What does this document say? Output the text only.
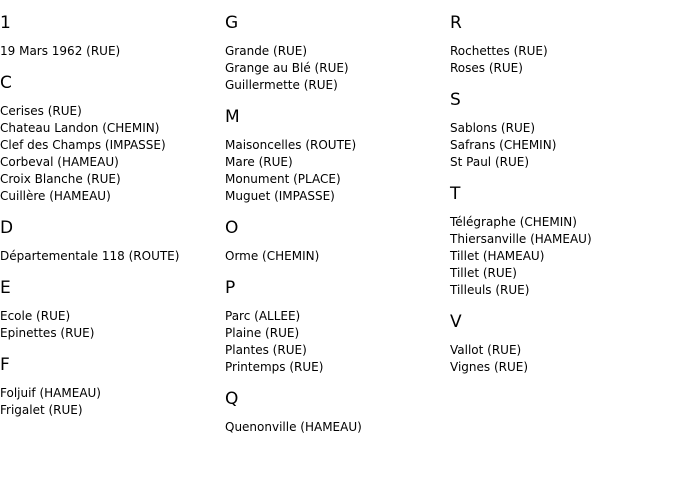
1
19 Mars 1962 (RUE)
C
Cerises (RUE)
Chateau Landon (CHEMIN)
Clef des Champs (IMPASSE)
Corbeval (HAMEAU)
Croix Blanche (RUE)
Cuillère (HAMEAU)
D
Départementale 118 (ROUTE)
E
Ecole (RUE)
Epinettes (RUE)
F
Foljuif (HAMEAU)
Frigalet (RUE)
G
Grande (RUE)
Grange au Blé (RUE)
Guillermette (RUE)
M
Maisoncelles (ROUTE)
Mare (RUE)
Monument (PLACE)
Muguet (IMPASSE)
O
Orme (CHEMIN)
P
Parc (ALLEE)
Plaine (RUE)
Plantes (RUE)
Printemps (RUE)
Q
Quenonville (HAMEAU)
R
Rochettes (RUE)
Roses (RUE)
S
Sablons (RUE)
Safrans (CHEMIN)
St Paul (RUE)
T
Télégraphe (CHEMIN)
Thiersanville (HAMEAU)
Tillet (HAMEAU)
Tillet (RUE)
Tilleuls (RUE)
V
Vallot (RUE)
Vignes (RUE)
